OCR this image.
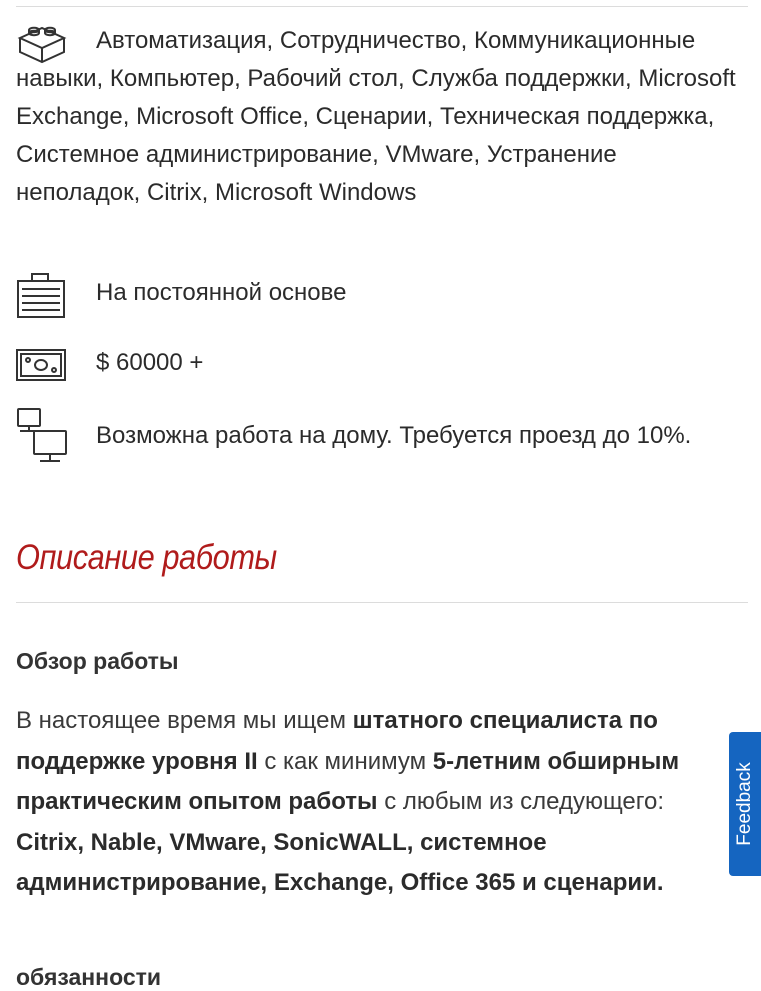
Автоматизация, Сотрудничество, Коммуникационные навыки, Компьютер, Рабочий стол, Служба поддержки, Microsoft Exchange, Microsoft Office, Сценарии, Техническая поддержка, Системное администрирование, VMware, Устранение неполадок, Citrix, Microsoft Windows
На постоянной основе
$ 60000 +
Возможна работа на дому. Требуется проезд до 10%.
Описание работы
Обзор работы
В настоящее время мы ищем штатного специалиста по поддержке уровня II с как минимум 5-летним обширным практическим опытом работы с любым из следующего: Citrix, Nable, VMware, SonicWALL, системное администрирование, Exchange, Office 365 и сценарии.
обязанности
Feedback
